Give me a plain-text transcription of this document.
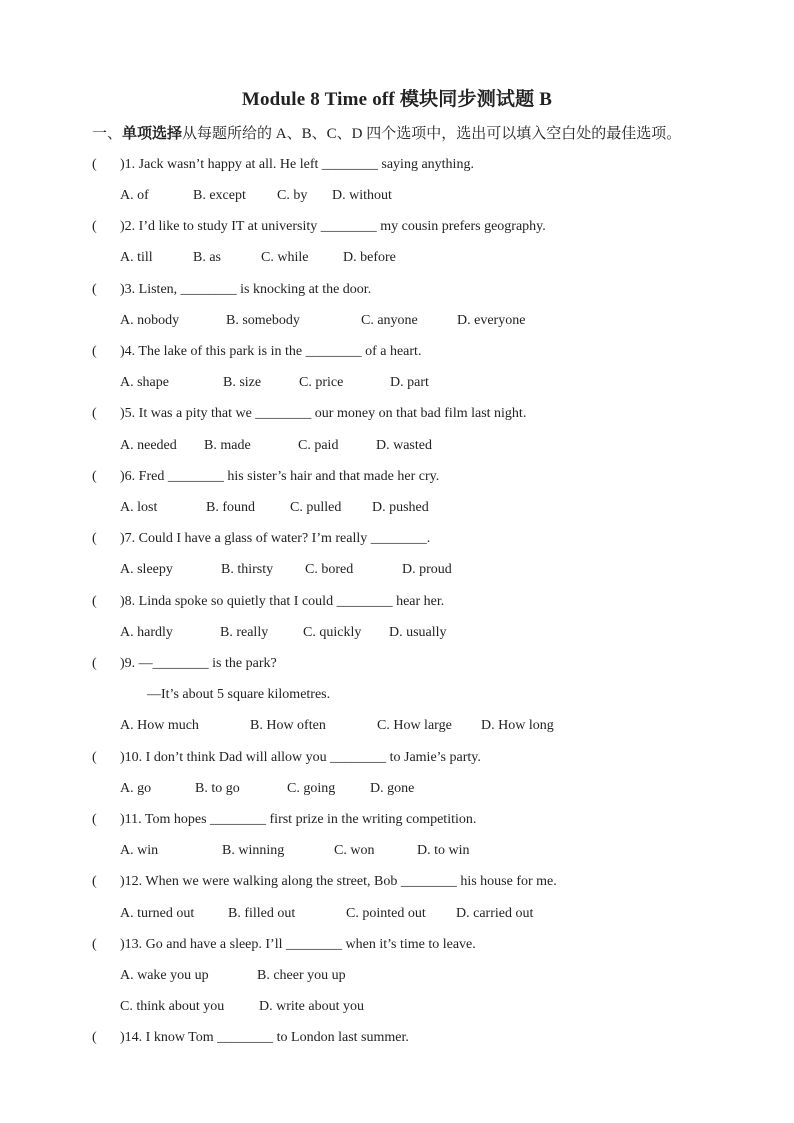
Module 8 Time off 模块同步测试题 B
一、单项选择从每题所给的 A、B、C、D 四个选项中，选出可以填入空白处的最佳选项。
( )1. Jack wasn’t happy at all. He left ________ saying anything.
A. of	B. except C. by D. without
( )2. I’d like to study IT at university ________ my cousin prefers geography.
A. till	B. as	C. while D. before
( )3. Listen, ________ is knocking at the door.
A. nobody	B. somebody	C. anyone	D. everyone
( )4. The lake of this park is in the ________ of a heart.
A. shape	B. size	C. price	D. part
( )5. It was a pity that we ________ our money on that bad film last night.
A. needed B. made	C. paid	D. wasted
( )6. Fred ________ his sister’s hair and that made her cry.
A. lost	B. found	C. pulled D. pushed
( )7. Could I have a glass of water? I’m really ________.
A. sleepy	B. thirsty C. bored	D. proud
( )8. Linda spoke so quietly that I could ________ hear her.
A. hardly	B. really C. quickly D. usually
( )9. —________ is the park?
—It’s about 5 square kilometres.
A. How much	B. How often	C. How large D. How long
( )10. I don’t think Dad will allow you ________ to Jamie’s party.
A. go	B. to go	C. going D. gone
( )11. Tom hopes ________ first prize in the writing competition.
A. win	B. winning	C. won	D. to win
( )12. When we were walking along the street, Bob ________ his house for me.
A. turned out B. filled out	C. pointed out D. carried out
( )13. Go and have a sleep. I’ll ________ when it’s time to leave.
A. wake you up	B. cheer you up
C. think about you D. write about you
( )14. I know Tom ________ to London last summer.
